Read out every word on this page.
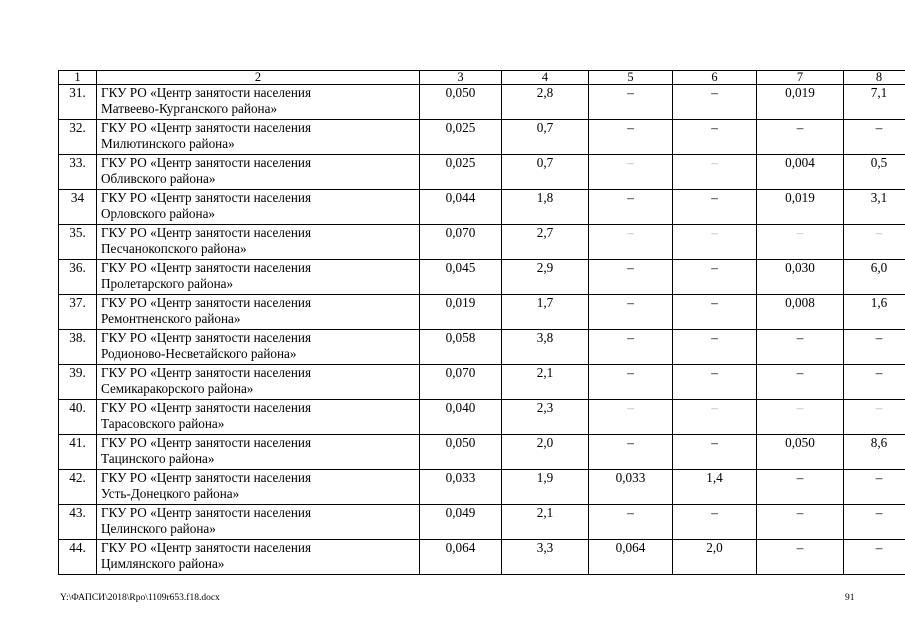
1	2	3	4	5	6	7	8
31.	ГКУ РО «Центр занятости населения
Матвеево-Курганского района»	0,050	2,8	–	–	0,019	7,1
32.	ГКУ РО «Центр занятости населения
Милютинского района»	0,025	0,7	–	–	–	–
33.	ГКУ РО «Центр занятости населения
Обливского района»	0,025	0,7	–	–	0,004	0,5
34	ГКУ РО «Центр занятости населения
Орловского района»	0,044	1,8	–	–	0,019	3,1
35.	ГКУ РО «Центр занятости населения
Песчанокопского района»	0,070	2,7	–	–	–	–
36.	ГКУ РО «Центр занятости населения
Пролетарского района»	0,045	2,9	–	–	0,030	6,0
37.	ГКУ РО «Центр занятости населения
Ремонтненского района»	0,019	1,7	–	–	0,008	1,6
38.	ГКУ РО «Центр занятости населения
Родионово-Несветайского района»	0,058	3,8	–	–	–	–
39.	ГКУ РО «Центр занятости населения
Семикаракорского района»	0,070	2,1	–	–	–	–
40.	ГКУ РО «Центр занятости населения
Тарасовского района»	0,040	2,3	–	–	–	–
41.	ГКУ РО «Центр занятости населения
Тацинского района»	0,050	2,0	–	–	0,050	8,6
42.	ГКУ РО «Центр занятости населения
Усть-Донецкого района»	0,033	1,9	0,033	1,4	–	–
43.	ГКУ РО «Центр занятости населения
Целинского района»	0,049	2,1	–	–	–	–
44.	ГКУ РО «Центр занятости населения
Цимлянского района»	0,064	3,3	0,064	2,0	–	–
Y:\ФАПСИ\2018\Rpo\1109r653.f18.docx	91
